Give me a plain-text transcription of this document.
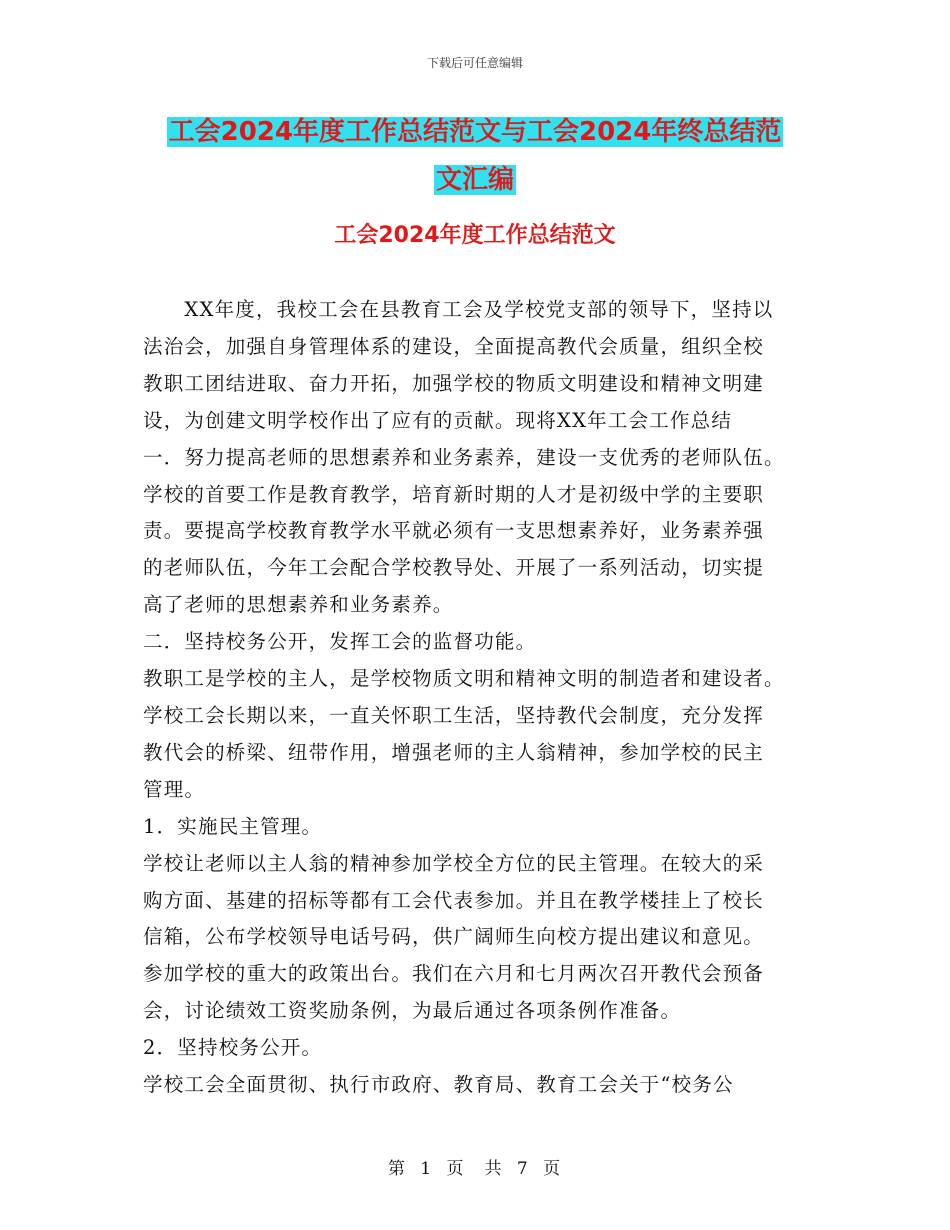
下载后可任意编辑
工会2024年度工作总结范文与工会2024年终总结范
文汇编
工会2024年度工作总结范文

　　XX年度，我校工会在县教育工会及学校党支部的领导下，坚持以

法治会，加强自身管理体系的建设，全面提高教代会质量，组织全校

教职工团结进取、奋力开拓，加强学校的物质文明建设和精神文明建

设，为创建文明学校作出了应有的贡献。现将XX年工会工作总结

一．努力提高老师的思想素养和业务素养，建设一支优秀的老师队伍。

学校的首要工作是教育教学，培育新时期的人才是初级中学的主要职

责。要提高学校教育教学水平就必须有一支思想素养好，业务素养强

的老师队伍，今年工会配合学校教导处、开展了一系列活动，切实提

高了老师的思想素养和业务素养。

二．坚持校务公开，发挥工会的监督功能。

教职工是学校的主人，是学校物质文明和精神文明的制造者和建设者。

学校工会长期以来，一直关怀职工生活，坚持教代会制度，充分发挥

教代会的桥梁、纽带作用，增强老师的主人翁精神，参加学校的民主

管理。

1．实施民主管理。

学校让老师以主人翁的精神参加学校全方位的民主管理。在较大的采

购方面、基建的招标等都有工会代表参加。并且在教学楼挂上了校长

信箱，公布学校领导电话号码，供广阔师生向校方提出建议和意见。

参加学校的重大的政策出台。我们在六月和七月两次召开教代会预备

会，讨论绩效工资奖励条例，为最后通过各项条例作准备。

2．坚持校务公开。

学校工会全面贯彻、执行市政府、教育局、教育工会关于“校务公

第 1 页　共 7 页
